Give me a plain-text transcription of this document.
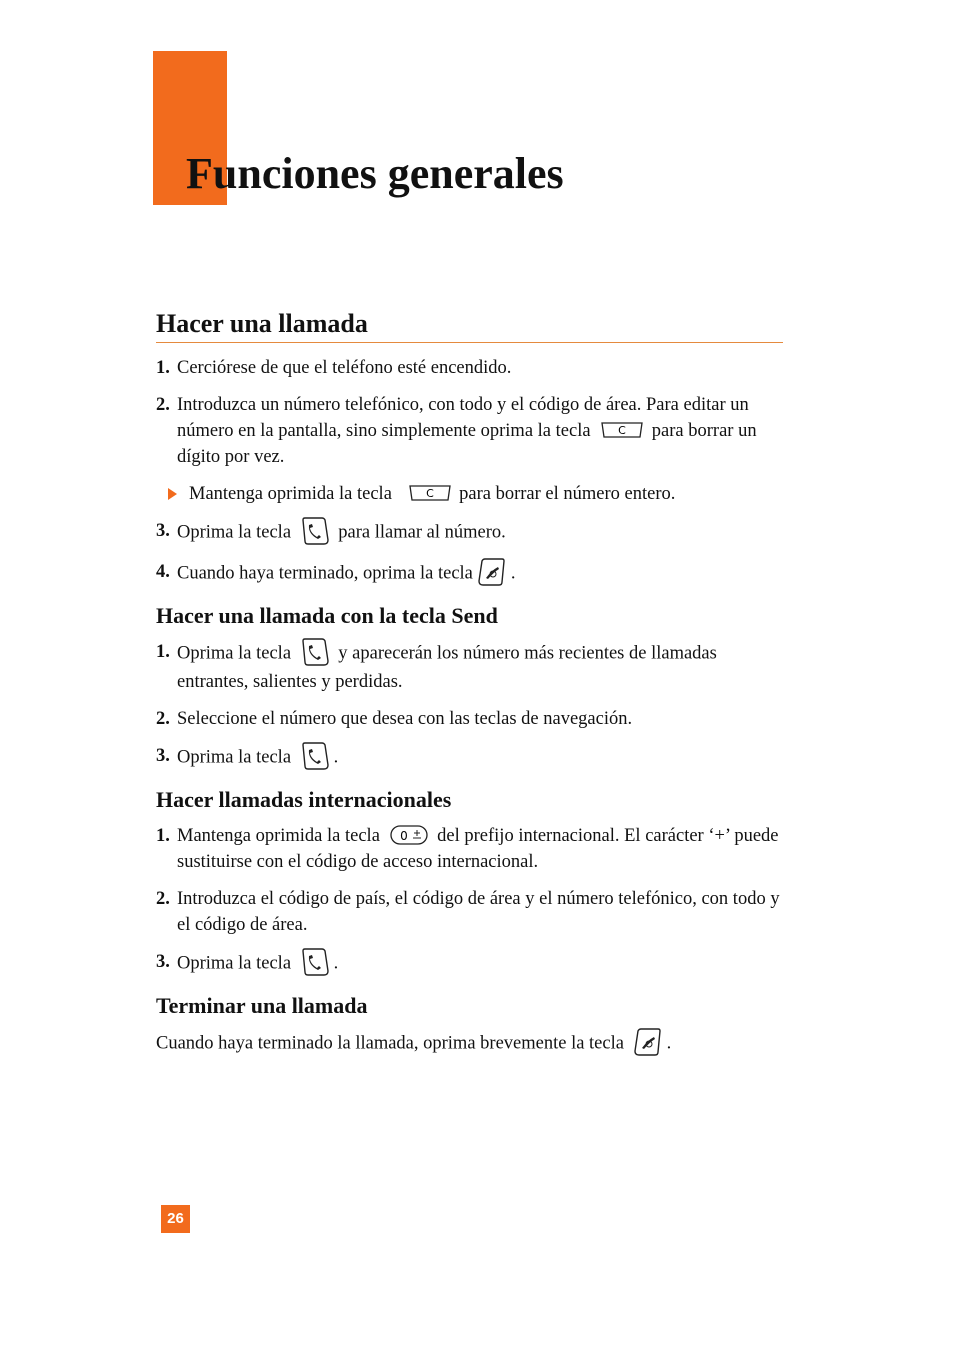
Funciones generales
Hacer una llamada
1. Cerciórese de que el teléfono esté encendido.
2. Introduzca un número telefónico, con todo y el código de área. Para editar un número en la pantalla, sino simplemente oprima la tecla	C para borrar un dígito por vez.
Mantenga oprimida la tecla	C para borrar el número entero.
3. Oprima la tecla	para llamar al número.
4. Cuando haya terminado, oprima la tecla .
Hacer una llamada con la tecla Send
1. Oprima la tecla	y aparecerán los número más recientes de llamadas entrantes, salientes y perdidas.
2. Seleccione el número que desea con las teclas de navegación.
3. Oprima la tecla .
Hacer llamadas internacionales
1. Mantenga oprimida la tecla 0 del prefijo internacional. El carácter ‘+’ puede sustituirse con el código de acceso internacional.
2. Introduzca el código de país, el código de área y el número telefónico, con todo y el código de área.
3. Oprima la tecla .
Terminar una llamada
Cuando haya terminado la llamada, oprima brevemente la tecla .
26
